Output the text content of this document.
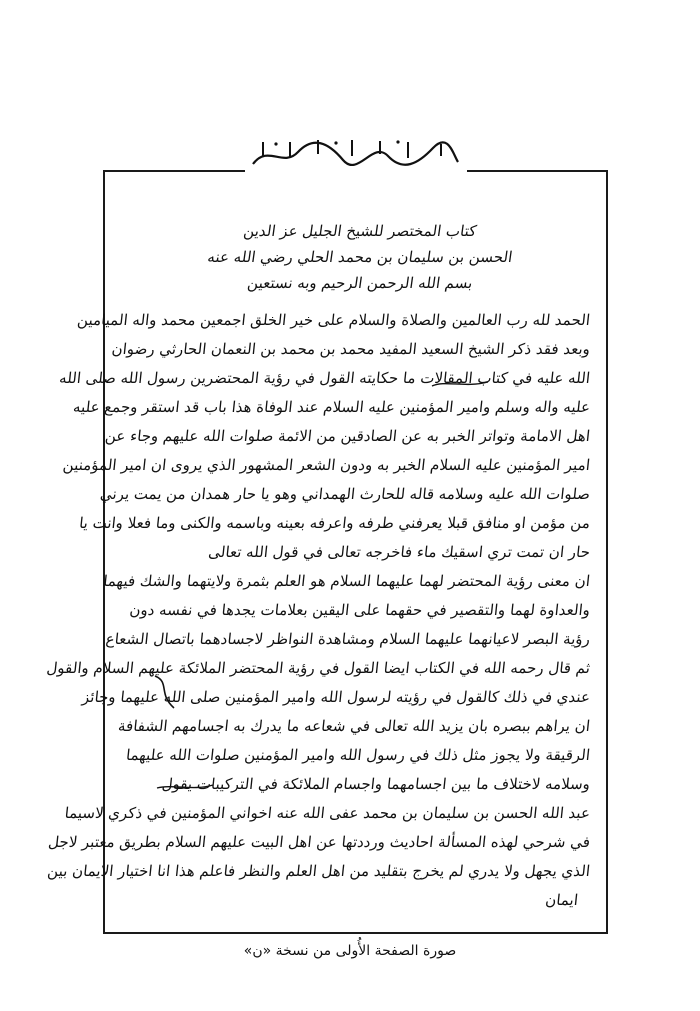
كتاب المختصر للشيخ الجليل عز الدين
الحسن بن سليمان بن محمد الحلي رضي الله عنه
بسم الله الرحمن الرحيم وبه نستعين
الحمد لله رب العالمين والصلاة والسلام على خير الخلق اجمعين محمد واله الميامين
وبعد فقد ذكر الشيخ السعيد المفيد محمد بن محمد بن النعمان الحارثي رضوان
الله عليه في كتاب المقالات ما حكايته القول في رؤية المحتضرين رسول الله صلى الله
عليه واله وسلم وامير المؤمنين عليه السلام عند الوفاة هذا باب قد استقر وجمع عليه
اهل الامامة وتواتر الخبر به عن الصادقين من الائمة صلوات الله عليهم وجاء عن
امير المؤمنين عليه السلام الخبر به ودون الشعر المشهور الذي يروى ان امير المؤمنين
صلوات الله عليه وسلامه قاله للحارث الهمداني وهو يا حار همدان من يمت يرني
من مؤمن او منافق قبلا يعرفني طرفه واعرفه بعينه وباسمه والكنى وما فعلا وانت يا
حار ان تمت تري اسقيك ماء فاخرجه تعالى في قول الله تعالى
ان معنى رؤية المحتضر لهما عليهما السلام هو العلم بثمرة ولايتهما والشك فيهما
والعداوة لهما والتقصير في حقهما على اليقين بعلامات يجدها في نفسه دون
رؤية البصر لاعيانهما عليهما السلام ومشاهدة النواظر لاجسادهما باتصال الشعاع
ثم قال رحمه الله في الكتاب ايضا القول في رؤية المحتضر الملائكة عليهم السلام والقول
عندي في ذلك كالقول في رؤيته لرسول الله وامير المؤمنين صلى الله عليهما وجائز
ان يراهم ببصره بان يزيد الله تعالى في شعاعه ما يدرك به اجسامهم الشفافة
الرقيقة ولا يجوز مثل ذلك في رسول الله وامير المؤمنين صلوات الله عليهما
وسلامه لاختلاف ما بين اجسامهما واجسام الملائكة في التركيبات يقول
عبد الله الحسن بن سليمان بن محمد عفى الله عنه اخواني المؤمنين في ذكري لاسيما
في شرحي لهذه المسألة احاديث ورددتها عن اهل البيت عليهم السلام بطريق معتبر لاجل
الذي يجهل ولا يدري لم يخرج بتقليد من اهل العلم والنظر فاعلم هذا انا اختيار الايمان بين
ايمان
صورة الصفحة الأُولى من نسخة «ن»
